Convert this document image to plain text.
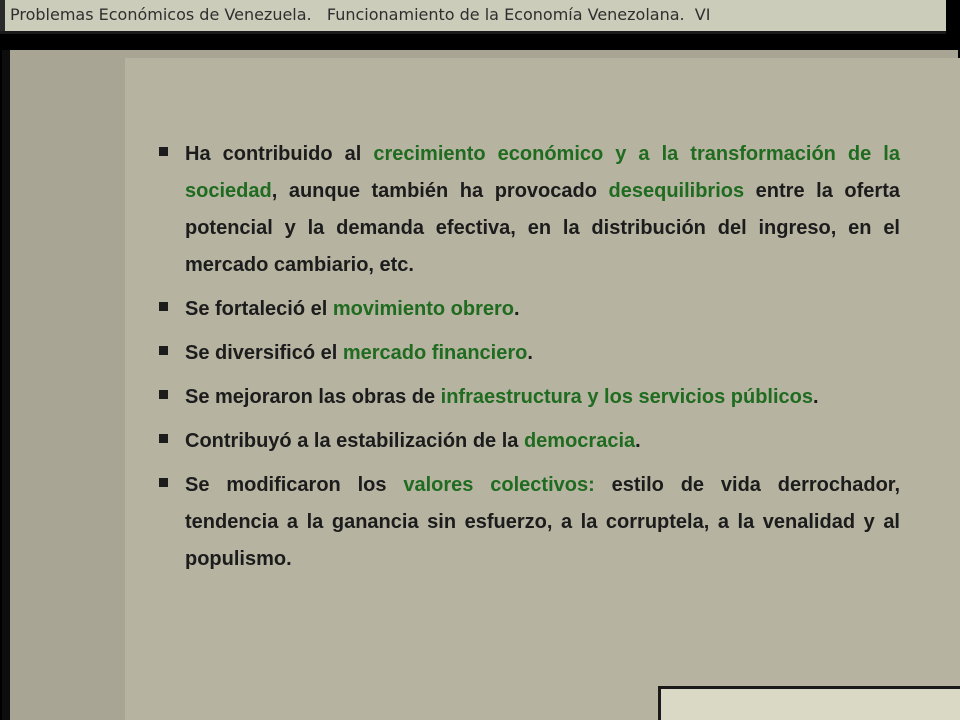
Problemas Económicos de Venezuela.   Funcionamiento de la Economía Venezolana.  VI
Ha contribuido al crecimiento económico y a la transformación de la sociedad, aunque también ha provocado desequilibrios entre la oferta potencial y la demanda efectiva, en la distribución del ingreso, en el mercado cambiario, etc.
Se fortaleció el movimiento obrero.
Se diversificó el mercado financiero.
Se mejoraron las obras de infraestructura y los servicios públicos.
Contribuyó a la estabilización de la democracia.
Se modificaron los valores colectivos: estilo de vida derrochador, tendencia a la ganancia sin esfuerzo, a la corruptela, a la venalidad y al populismo.
